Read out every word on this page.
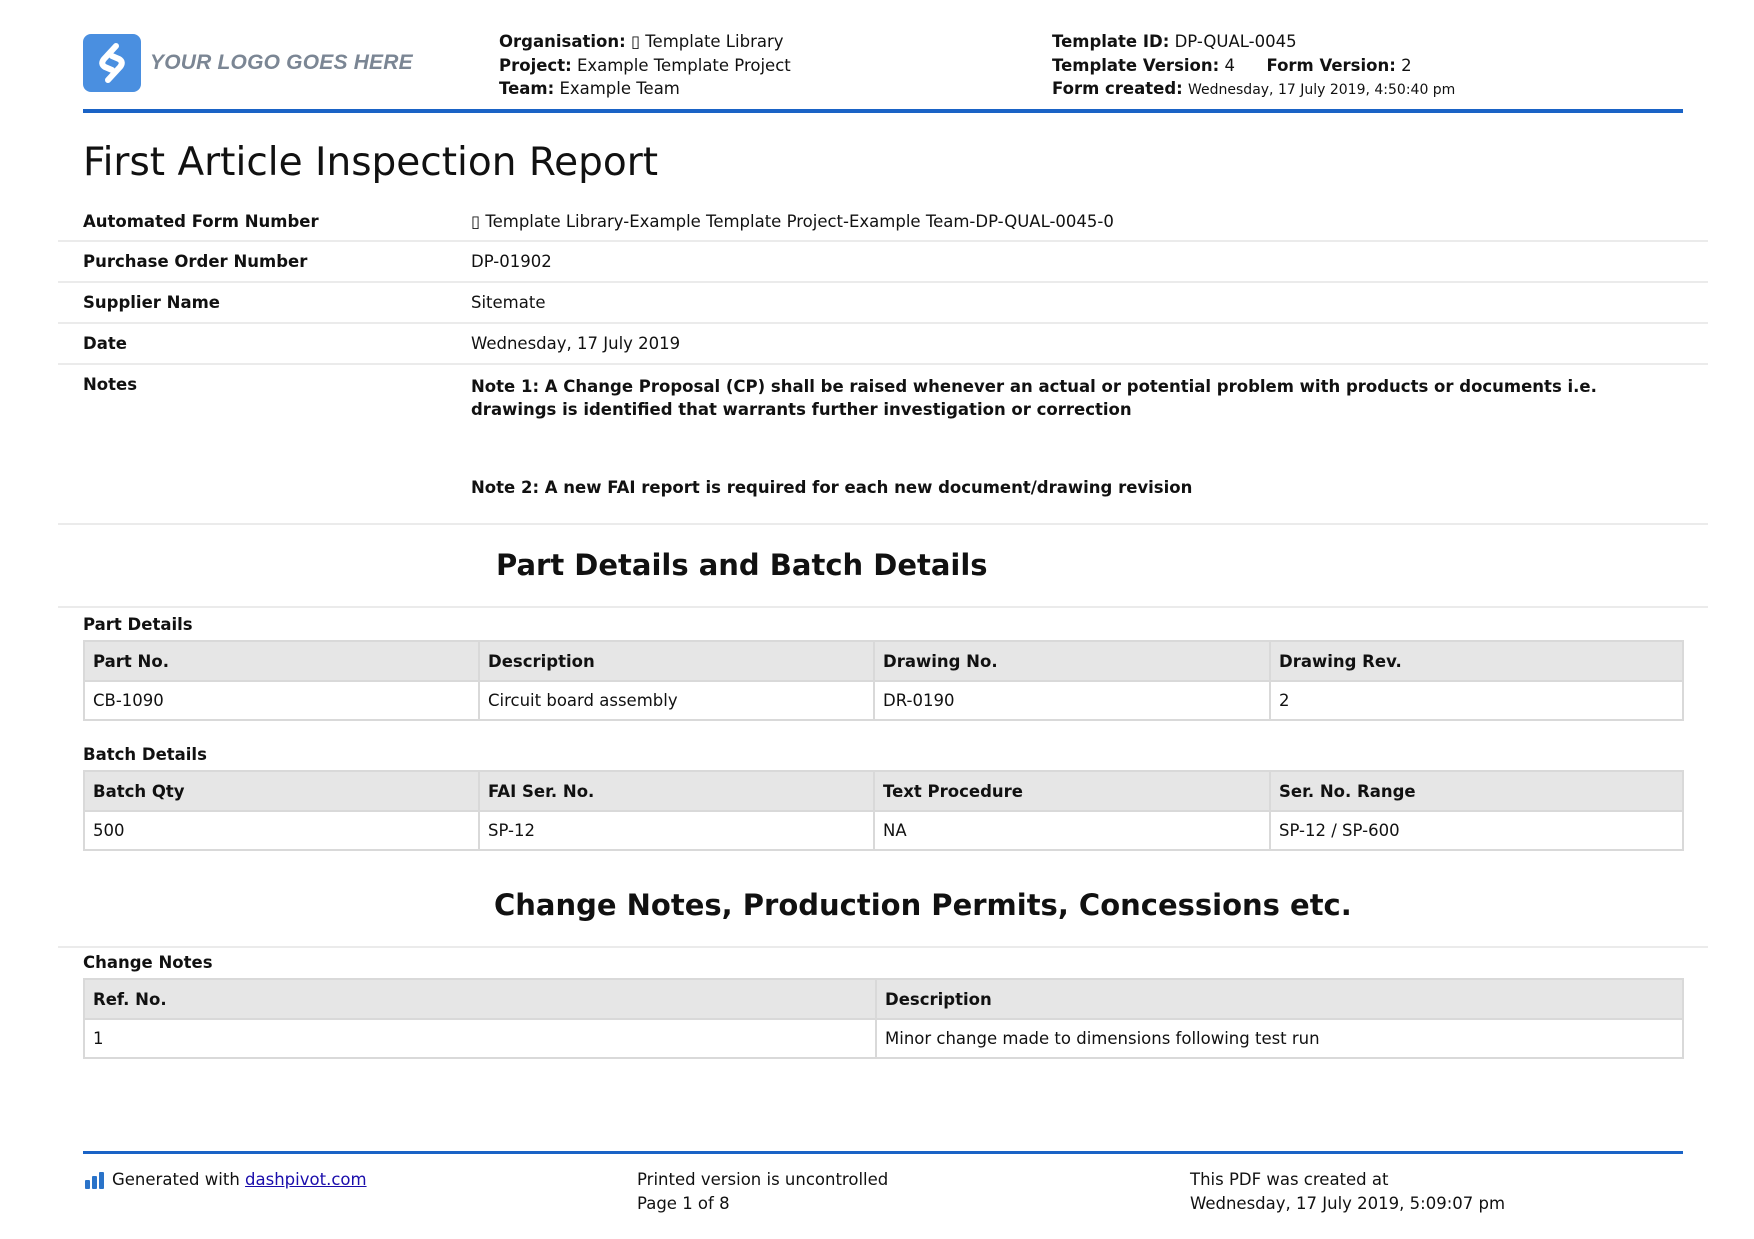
YOUR LOGO GOES HERE
Organisation: ▯ Template Library
Project: Example Template Project
Team: Example Team
Template ID: DP-QUAL-0045
Template Version: 4 Form Version: 2
Form created: Wednesday, 17 July 2019, 4:50:40 pm
First Article Inspection Report
Automated Form Number	▯ Template Library-Example Template Project-Example Team-DP-QUAL-0045-0
Purchase Order Number	DP-01902
Supplier Name	Sitemate
Date	Wednesday, 17 July 2019
Notes	Note 1: A Change Proposal (CP) shall be raised whenever an actual or potential problem with products or documents i.e. drawings is identified that warrants further investigation or correction
Note 2: A new FAI report is required for each new document/drawing revision
Part Details and Batch Details
Part Details
Part No.	Description	Drawing No.	Drawing Rev.
CB-1090	Circuit board assembly	DR-0190	2
Batch Details
Batch Qty	FAI Ser. No.	Text Procedure	Ser. No. Range
500	SP-12	NA	SP-12 / SP-600
Change Notes, Production Permits, Concessions etc.
Change Notes
Ref. No.	Description
1	Minor change made to dimensions following test run
Generated with
dashpivot.com	Printed version is uncontrolled
Page 1 of 8
This PDF was created at
Wednesday, 17 July 2019, 5:09:07 pm
